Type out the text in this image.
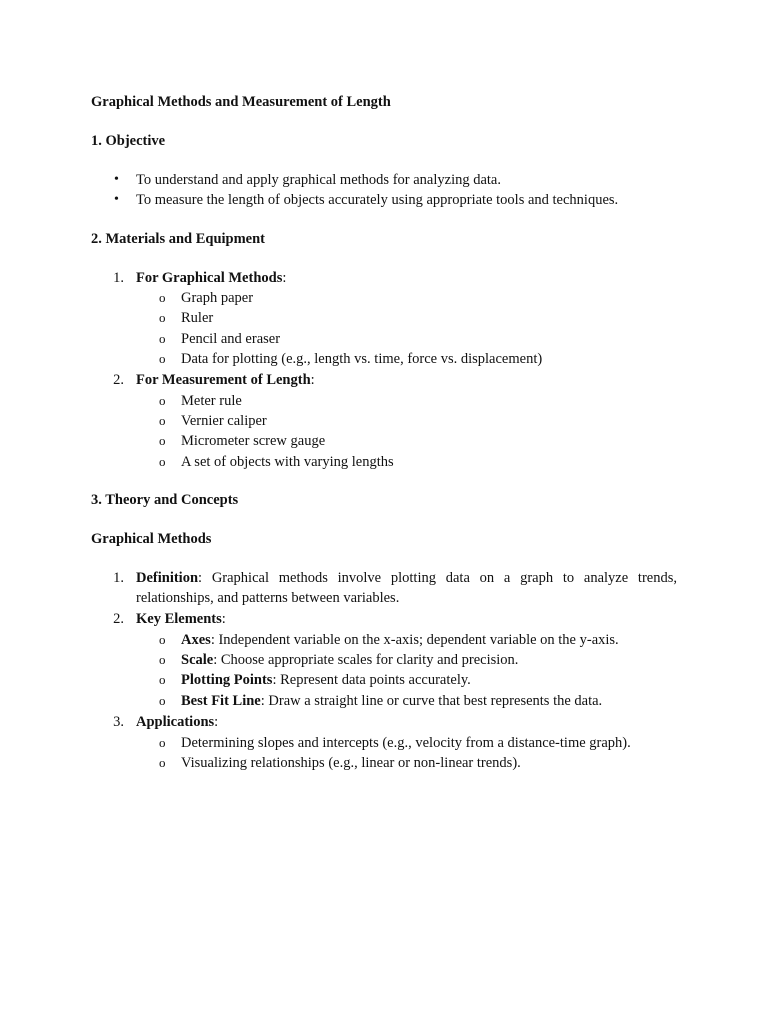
Graphical Methods and Measurement of Length
1. Objective
• To understand and apply graphical methods for analyzing data.
• To measure the length of objects accurately using appropriate tools and techniques.
2. Materials and Equipment
1. For Graphical Methods:
o Graph paper
o Ruler
o Pencil and eraser
o Data for plotting (e.g., length vs. time, force vs. displacement)
2. For Measurement of Length:
o Meter rule
o Vernier caliper
o Micrometer screw gauge
o A set of objects with varying lengths
3. Theory and Concepts
Graphical Methods
1. Definition: Graphical methods involve plotting data on a graph to analyze trends,
relationships, and patterns between variables.
2. Key Elements:
o Axes: Independent variable on the x-axis; dependent variable on the y-axis.
o Scale: Choose appropriate scales for clarity and precision.
o Plotting Points: Represent data points accurately.
o Best Fit Line: Draw a straight line or curve that best represents the data.
3. Applications:
o Determining slopes and intercepts (e.g., velocity from a distance-time graph).
o Visualizing relationships (e.g., linear or non-linear trends).
